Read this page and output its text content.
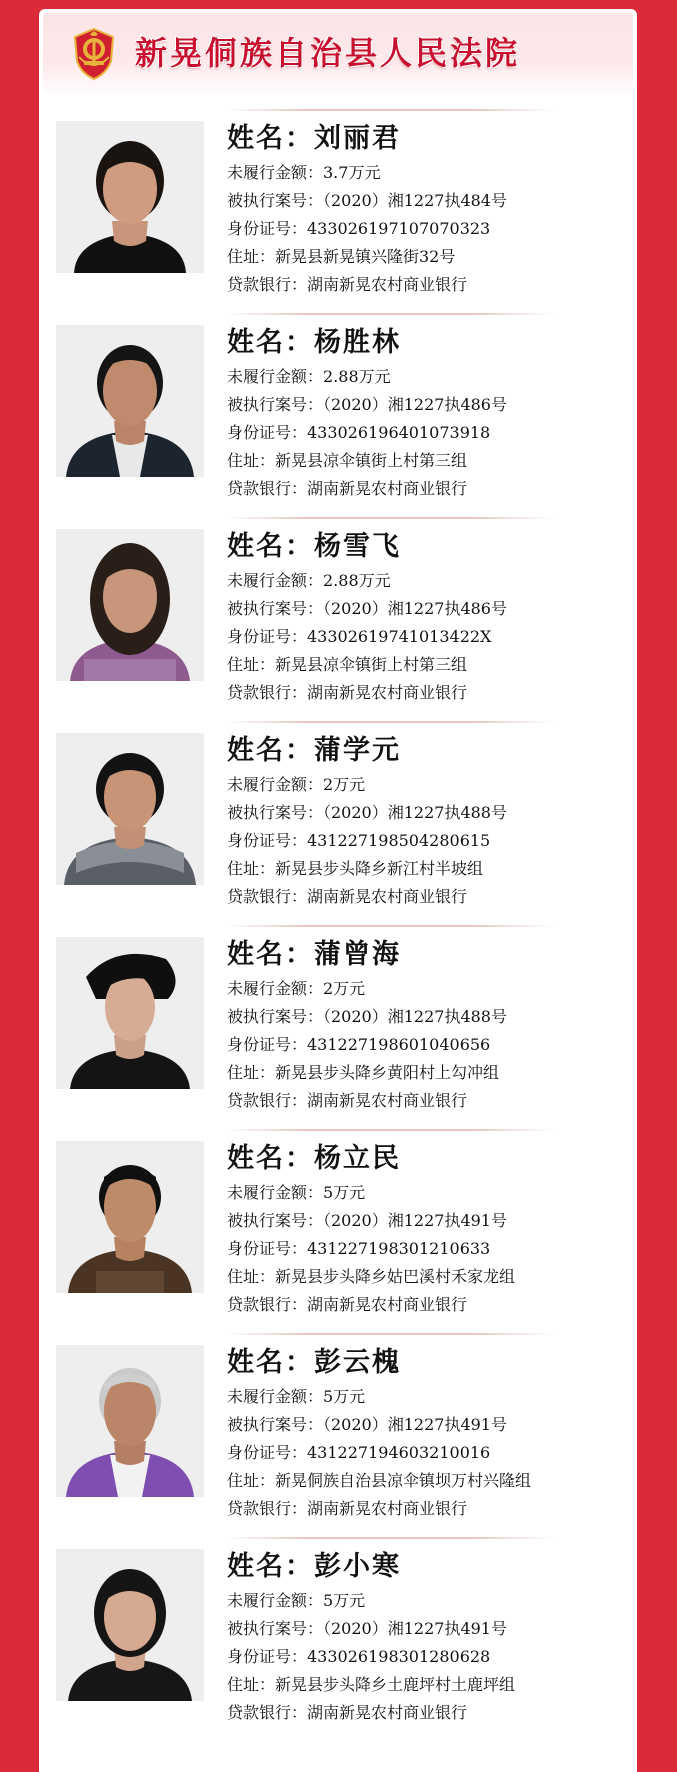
新晃侗族自治县人民法院
姓名：刘丽君
未履行金额：3.7万元
被执行案号：（2020）湘1227执484号
身份证号：433026197107070323
住址：新晃县新晃镇兴隆街32号
贷款银行：湖南新晃农村商业银行
姓名：杨胜林
未履行金额：2.88万元
被执行案号：（2020）湘1227执486号
身份证号：433026196401073918
住址：新晃县凉伞镇街上村第三组
贷款银行：湖南新晃农村商业银行
姓名：杨雪飞
未履行金额：2.88万元
被执行案号：（2020）湘1227执486号
身份证号：43302619741013422X
住址：新晃县凉伞镇街上村第三组
贷款银行：湖南新晃农村商业银行
姓名：蒲学元
未履行金额：2万元
被执行案号：（2020）湘1227执488号
身份证号：431227198504280615
住址：新晃县步头降乡新江村半坡组
贷款银行：湖南新晃农村商业银行
姓名：蒲曾海
未履行金额：2万元
被执行案号：（2020）湘1227执488号
身份证号：431227198601040656
住址：新晃县步头降乡黄阳村上勾冲组
贷款银行：湖南新晃农村商业银行
姓名：杨立民
未履行金额：5万元
被执行案号：（2020）湘1227执491号
身份证号：431227198301210633
住址：新晃县步头降乡姑巴溪村禾家龙组
贷款银行：湖南新晃农村商业银行
姓名：彭云槐
未履行金额：5万元
被执行案号：（2020）湘1227执491号
身份证号：431227194603210016
住址：新晃侗族自治县凉伞镇坝万村兴隆组
贷款银行：湖南新晃农村商业银行
姓名：彭小寒
未履行金额：5万元
被执行案号：（2020）湘1227执491号
身份证号：433026198301280628
住址：新晃县步头降乡土鹿坪村土鹿坪组
贷款银行：湖南新晃农村商业银行
